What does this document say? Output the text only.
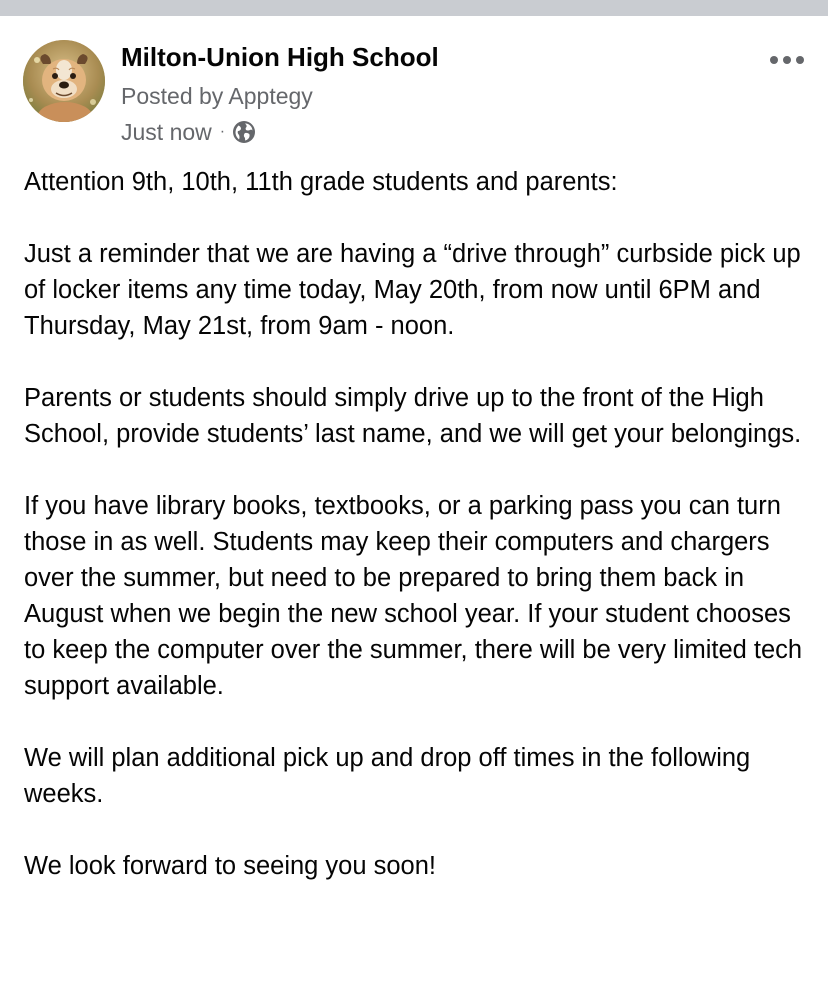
Milton-Union High School
Posted by Apptegy
Just now ·

Attention 9th, 10th, 11th grade students and parents:

Just a reminder that we are having a “drive through” curbside pick up of locker items any time today, May 20th, from now until 6PM and Thursday, May 21st, from 9am - noon.

Parents or students should simply drive up to the front of the High School, provide students’ last name, and we will get your belongings.

If you have library books, textbooks, or a parking pass you can turn those in as well. Students may keep their computers and chargers over the summer, but need to be prepared to bring them back in August when we begin the new school year. If your student chooses to keep the computer over the summer, there will be very limited tech support available.

We will plan additional pick up and drop off times in the following weeks.

We look forward to seeing you soon!
